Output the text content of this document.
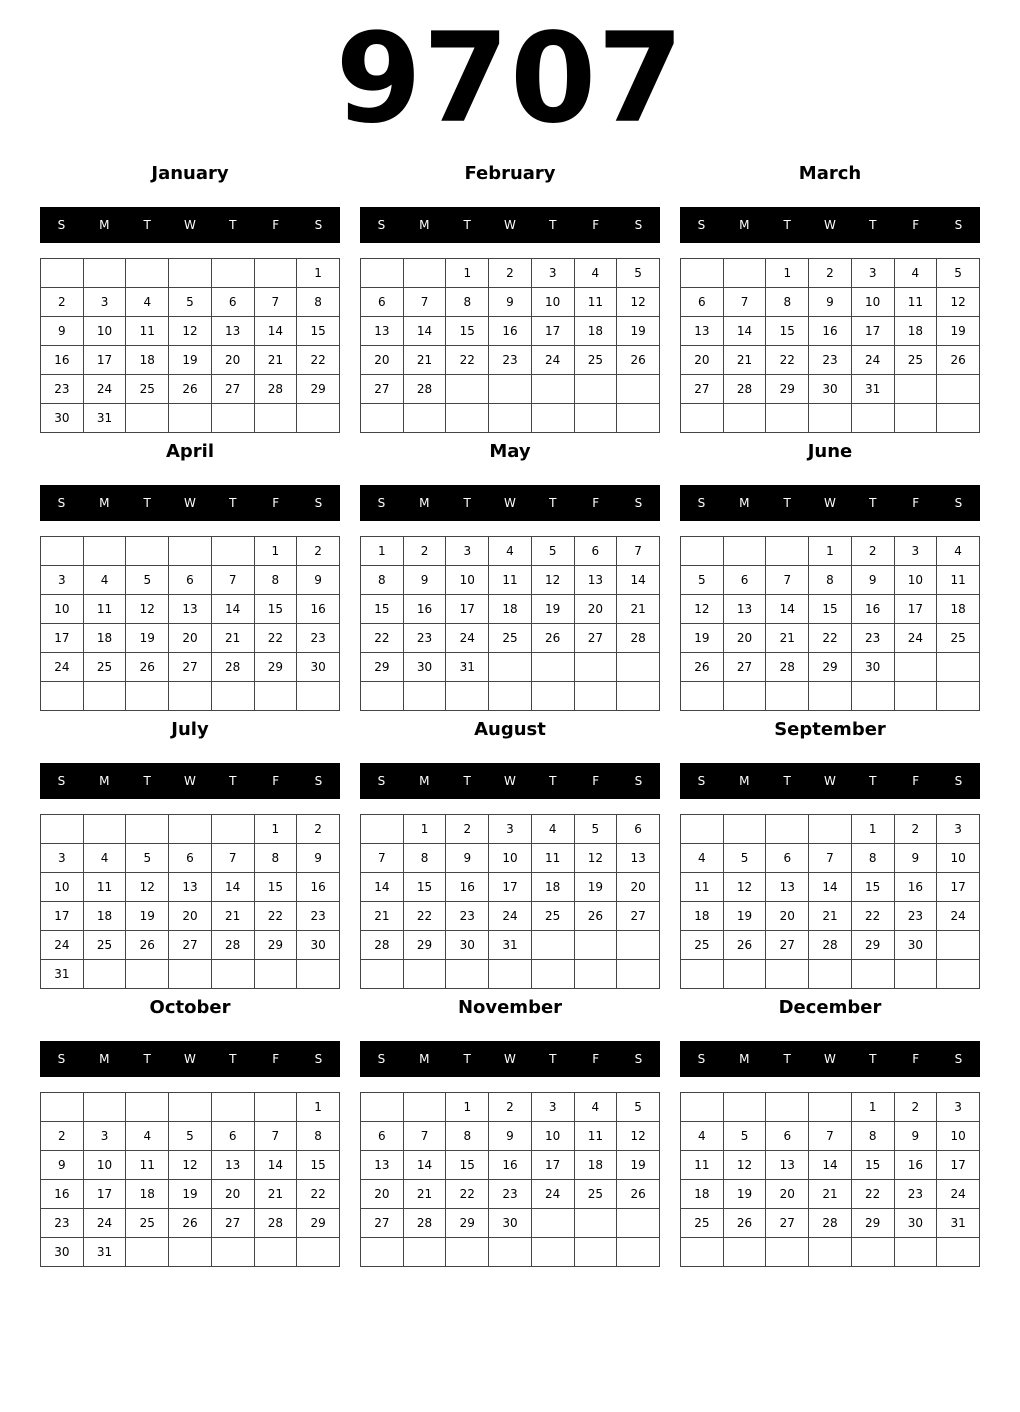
9707
January
S	M	T	W	T	F	S
						1
2	3	4	5	6	7	8
9	10	11	12	13	14	15
16	17	18	19	20	21	22
23	24	25	26	27	28	29
30	31					
February
S	M	T	W	T	F	S
		1	2	3	4	5
6	7	8	9	10	11	12
13	14	15	16	17	18	19
20	21	22	23	24	25	26
27	28					

March
S	M	T	W	T	F	S
		1	2	3	4	5
6	7	8	9	10	11	12
13	14	15	16	17	18	19
20	21	22	23	24	25	26
27	28	29	30	31		

April
S	M	T	W	T	F	S
					1	2
3	4	5	6	7	8	9
10	11	12	13	14	15	16
17	18	19	20	21	22	23
24	25	26	27	28	29	30

May
S	M	T	W	T	F	S
1	2	3	4	5	6	7
8	9	10	11	12	13	14
15	16	17	18	19	20	21
22	23	24	25	26	27	28
29	30	31				

June
S	M	T	W	T	F	S
			1	2	3	4
5	6	7	8	9	10	11
12	13	14	15	16	17	18
19	20	21	22	23	24	25
26	27	28	29	30		

July
S	M	T	W	T	F	S
					1	2
3	4	5	6	7	8	9
10	11	12	13	14	15	16
17	18	19	20	21	22	23
24	25	26	27	28	29	30
31						
August
S	M	T	W	T	F	S
	1	2	3	4	5	6
7	8	9	10	11	12	13
14	15	16	17	18	19	20
21	22	23	24	25	26	27
28	29	30	31			

September
S	M	T	W	T	F	S
				1	2	3
4	5	6	7	8	9	10
11	12	13	14	15	16	17
18	19	20	21	22	23	24
25	26	27	28	29	30	

October
S	M	T	W	T	F	S
						1
2	3	4	5	6	7	8
9	10	11	12	13	14	15
16	17	18	19	20	21	22
23	24	25	26	27	28	29
30	31					
November
S	M	T	W	T	F	S
		1	2	3	4	5
6	7	8	9	10	11	12
13	14	15	16	17	18	19
20	21	22	23	24	25	26
27	28	29	30			

December
S	M	T	W	T	F	S
				1	2	3
4	5	6	7	8	9	10
11	12	13	14	15	16	17
18	19	20	21	22	23	24
25	26	27	28	29	30	31
